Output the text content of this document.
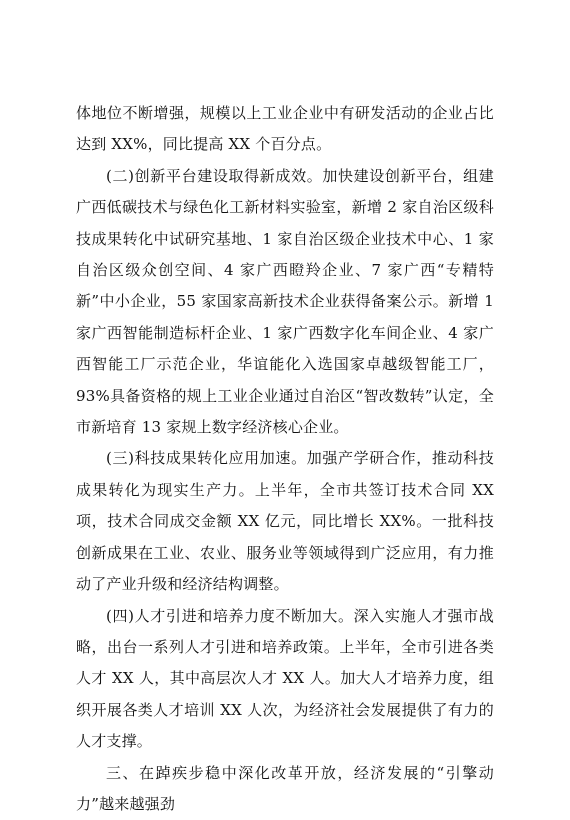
体地位不断增强，规模以上工业企业中有研发活动的企业占比达到 XX%，同比提高 XX 个百分点。

(二)创新平台建设取得新成效。加快建设创新平台，组建广西低碳技术与绿色化工新材料实验室，新增 2 家自治区级科技成果转化中试研究基地、1 家自治区级企业技术中心、1 家自治区级众创空间、4 家广西瞪羚企业、7 家广西“专精特新”中小企业，55 家国家高新技术企业获得备案公示。新增 1 家广西智能制造标杆企业、1 家广西数字化车间企业、4 家广西智能工厂示范企业，华谊能化入选国家卓越级智能工厂，93%具备资格的规上工业企业通过自治区“智改数转”认定，全市新培育 13 家规上数字经济核心企业。

(三)科技成果转化应用加速。加强产学研合作，推动科技成果转化为现实生产力。上半年，全市共签订技术合同 XX 项，技术合同成交金额 XX 亿元，同比增长 XX%。一批科技创新成果在工业、农业、服务业等领域得到广泛应用，有力推动了产业升级和经济结构调整。

(四)人才引进和培养力度不断加大。深入实施人才强市战略，出台一系列人才引进和培养政策。上半年，全市引进各类人才 XX 人，其中高层次人才 XX 人。加大人才培养力度，组织开展各类人才培训 XX 人次，为经济社会发展提供了有力的人才支撑。

三、在踔疾步稳中深化改革开放，经济发展的“引擎动力”越来越强劲
